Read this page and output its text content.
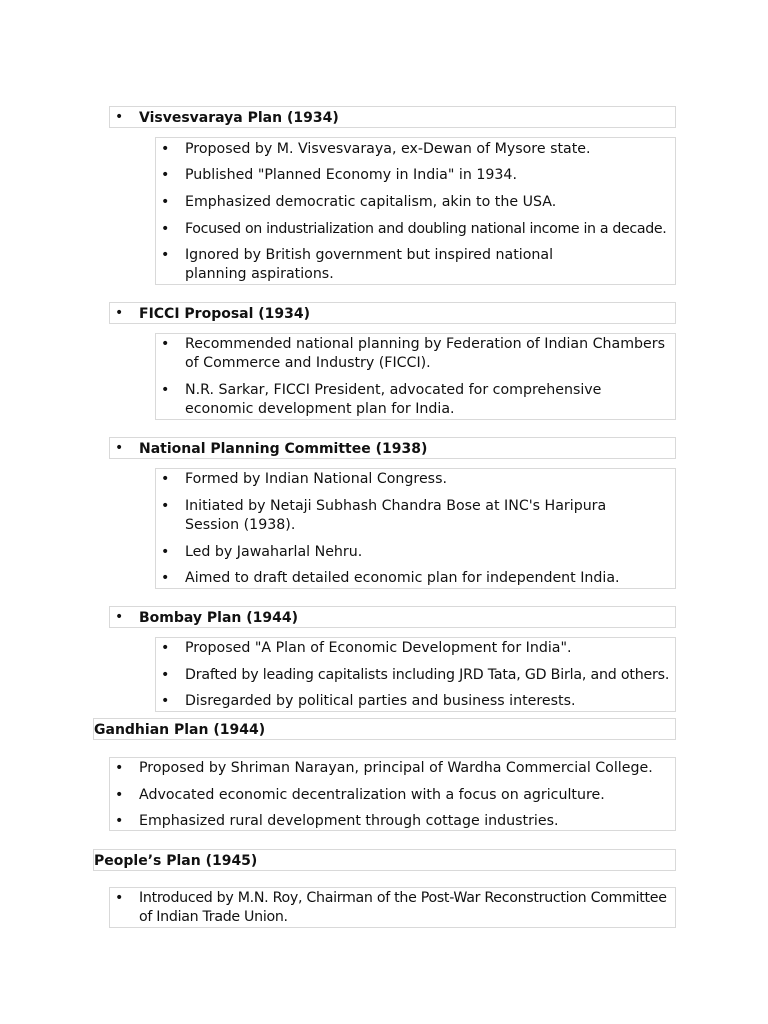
• Visvesvaraya Plan (1934)
• Proposed by M. Visvesvaraya, ex-Dewan of Mysore state.
• Published "Planned Economy in India" in 1934.
• Emphasized democratic capitalism, akin to the USA.
• Focused on industrialization and doubling national income in a decade.
• Ignored by British government but inspired national planning aspirations.
• FICCI Proposal (1934)
• Recommended national planning by Federation of Indian Chambers of Commerce and Industry (FICCI).
• N.R. Sarkar, FICCI President, advocated for comprehensive economic development plan for India.
• National Planning Committee (1938)
• Formed by Indian National Congress.
• Initiated by Netaji Subhash Chandra Bose at INC's Haripura Session (1938).
• Led by Jawaharlal Nehru.
• Aimed to draft detailed economic plan for independent India.
• Bombay Plan (1944)
• Proposed "A Plan of Economic Development for India".
• Drafted by leading capitalists including JRD Tata, GD Birla, and others.
• Disregarded by political parties and business interests.
Gandhian Plan (1944)
• Proposed by Shriman Narayan, principal of Wardha Commercial College.
• Advocated economic decentralization with a focus on agriculture.
• Emphasized rural development through cottage industries.
People’s Plan (1945)
• Introduced by M.N. Roy, Chairman of the Post-War Reconstruction Committee of Indian Trade Union.
